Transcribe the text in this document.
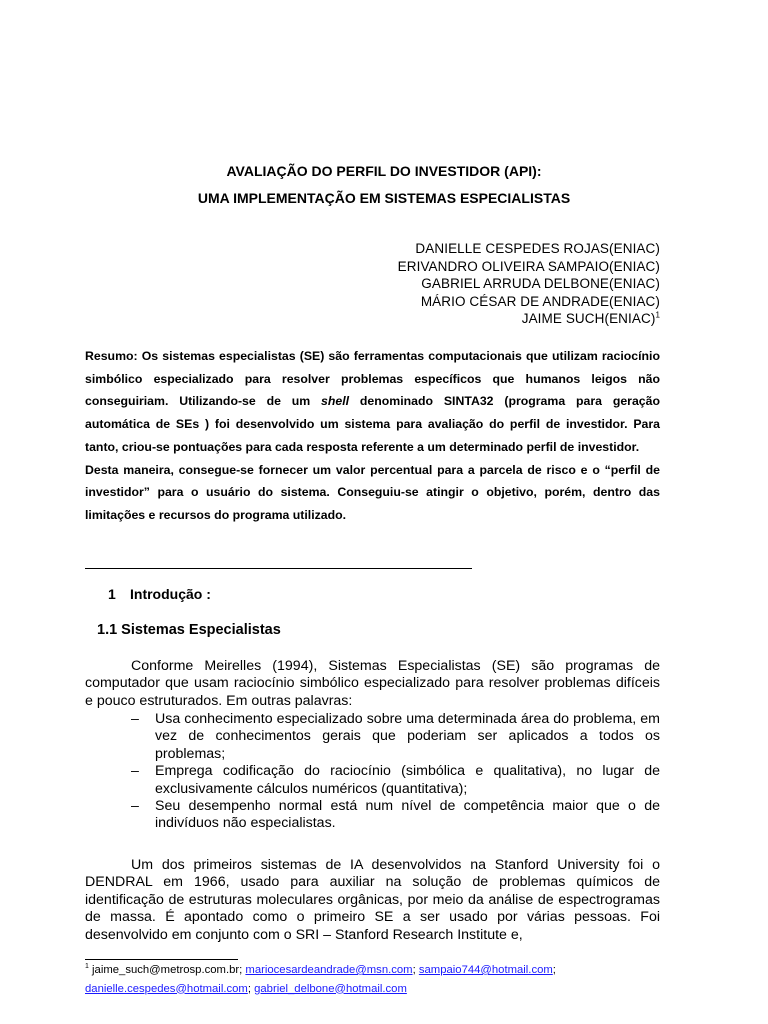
AVALIAÇÃO DO PERFIL DO INVESTIDOR (API):
UMA IMPLEMENTAÇÃO EM SISTEMAS ESPECIALISTAS
DANIELLE CESPEDES ROJAS(ENIAC)
ERIVANDRO OLIVEIRA SAMPAIO(ENIAC)
GABRIEL ARRUDA DELBONE(ENIAC)
MÁRIO CÉSAR DE ANDRADE(ENIAC)
JAIME SUCH(ENIAC)$^1$

Resumo: Os sistemas especialistas (SE) são ferramentas computacionais que utilizam raciocínio simbólico especializado para resolver problemas específicos que humanos leigos não conseguiriam. Utilizando-se de um shell denominado SINTA32 (programa para geração automática de SEs ) foi desenvolvido um sistema para avaliação do perfil de investidor. Para tanto, criou-se pontuações para cada resposta referente a um determinado perfil de investidor.

Desta maneira, consegue-se fornecer um valor percentual para a parcela de risco e o “perfil de investidor” para o usuário do sistema. Conseguiu-se atingir o objetivo, porém, dentro das limitações e recursos do programa utilizado.

1 Introdução :
1.1 Sistemas Especialistas

Conforme Meirelles (1994), Sistemas Especialistas (SE) são programas de computador que usam raciocínio simbólico especializado para resolver problemas difíceis e pouco estruturados. Em outras palavras:

– Usa conhecimento especializado sobre uma determinada área do problema, em vez de conhecimentos gerais que poderiam ser aplicados a todos os problemas;
– Emprega codificação do raciocínio (simbólica e qualitativa), no lugar de exclusivamente cálculos numéricos (quantitativa);
– Seu desempenho normal está num nível de competência maior que o de indivíduos não especialistas.

Um dos primeiros sistemas de IA desenvolvidos na Stanford University foi o DENDRAL em 1966, usado para auxiliar na solução de problemas químicos de identificação de estruturas moleculares orgânicas, por meio da análise de espectrogramas de massa. É apontado como o primeiro SE a ser usado por várias pessoas. Foi desenvolvido em conjunto com o SRI – Stanford Research Institute e,

$^1$ jaime_such@metrosp.com.br; mariocesardeandrade@msn.com; sampaio744@hotmail.com;
danielle.cespedes@hotmail.com; gabriel_delbone@hotmail.com
